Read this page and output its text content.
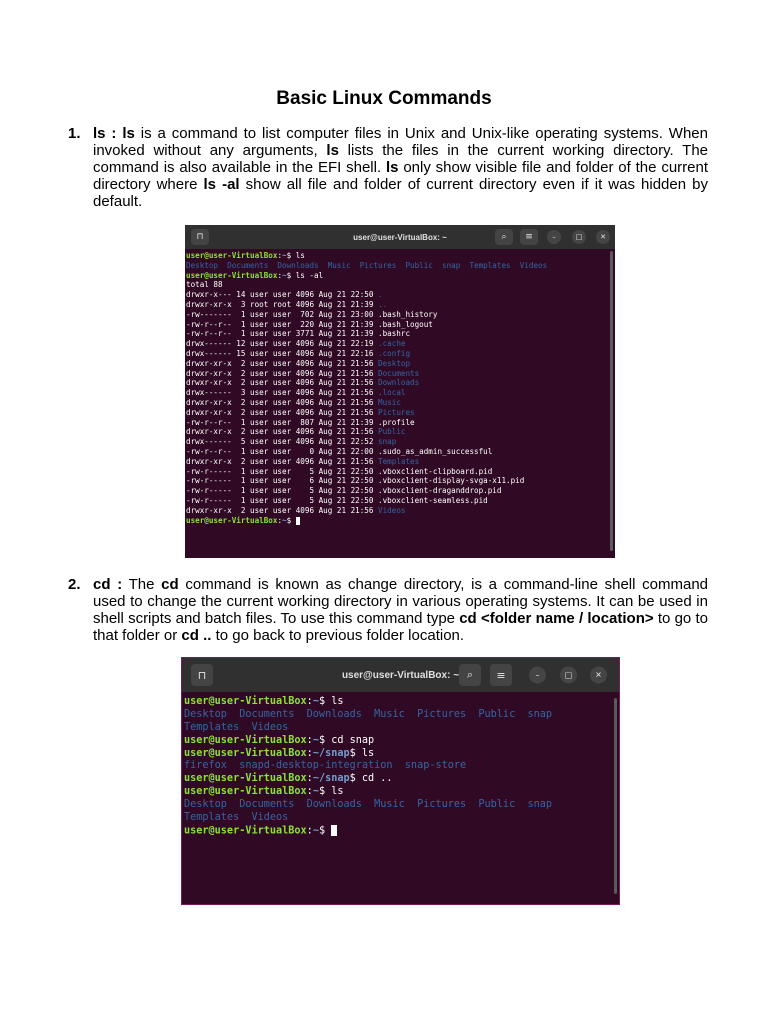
Basic Linux Commands
1. ls : ls is a command to list computer files in Unix and Unix-like operating systems. When invoked without any arguments, ls lists the files in the current working directory. The command is also available in the EFI shell. ls only show visible file and folder of the current directory where ls -al show all file and folder of current directory even if it was hidden by default.
⊓	user@user-VirtualBox: ~	⌕	≡	–	□	✕
user@user-VirtualBox:~$ ls
Desktop  Documents  Downloads  Music  Pictures  Public  snap  Templates  Videos
user@user-VirtualBox:~$ ls -al
total 88
drwxr-x--- 14 user user 4096 Aug 21 22:50 .
drwxr-xr-x  3 root root 4096 Aug 21 21:39 ..
-rw-------  1 user user  702 Aug 21 23:00 .bash_history
-rw-r--r--  1 user user  220 Aug 21 21:39 .bash_logout
-rw-r--r--  1 user user 3771 Aug 21 21:39 .bashrc
drwx------ 12 user user 4096 Aug 21 22:19 .cache
drwx------ 15 user user 4096 Aug 21 22:16 .config
drwxr-xr-x  2 user user 4096 Aug 21 21:56 Desktop
drwxr-xr-x  2 user user 4096 Aug 21 21:56 Documents
drwxr-xr-x  2 user user 4096 Aug 21 21:56 Downloads
drwx------  3 user user 4096 Aug 21 21:56 .local
drwxr-xr-x  2 user user 4096 Aug 21 21:56 Music
drwxr-xr-x  2 user user 4096 Aug 21 21:56 Pictures
-rw-r--r--  1 user user  807 Aug 21 21:39 .profile
drwxr-xr-x  2 user user 4096 Aug 21 21:56 Public
drwx------  5 user user 4096 Aug 21 22:52 snap
-rw-r--r--  1 user user    0 Aug 21 22:00 .sudo_as_admin_successful
drwxr-xr-x  2 user user 4096 Aug 21 21:56 Templates
-rw-r-----  1 user user    5 Aug 21 22:50 .vboxclient-clipboard.pid
-rw-r-----  1 user user    6 Aug 21 22:50 .vboxclient-display-svga-x11.pid
-rw-r-----  1 user user    5 Aug 21 22:50 .vboxclient-draganddrop.pid
-rw-r-----  1 user user    5 Aug 21 22:50 .vboxclient-seamless.pid
drwxr-xr-x  2 user user 4096 Aug 21 21:56 Videos
user@user-VirtualBox:~$
2. cd : The cd command is known as change directory, is a command-line shell command used to change the current working directory in various operating systems. It can be used in shell scripts and batch files. To use this command type cd <folder name / location> to go to that folder or cd .. to go back to previous folder location.
⊓	user@user-VirtualBox: ~ ⌕	≡	–	□	✕
user@user-VirtualBox:~$ ls
Desktop  Documents  Downloads  Music  Pictures  Public  snap
Templates  Videos
user@user-VirtualBox:~$ cd snap
user@user-VirtualBox:~/snap$ ls
firefox  snapd-desktop-integration  snap-store
user@user-VirtualBox:~/snap$ cd ..
user@user-VirtualBox:~$ ls
Desktop  Documents  Downloads  Music  Pictures  Public  snap
Templates  Videos
user@user-VirtualBox:~$
